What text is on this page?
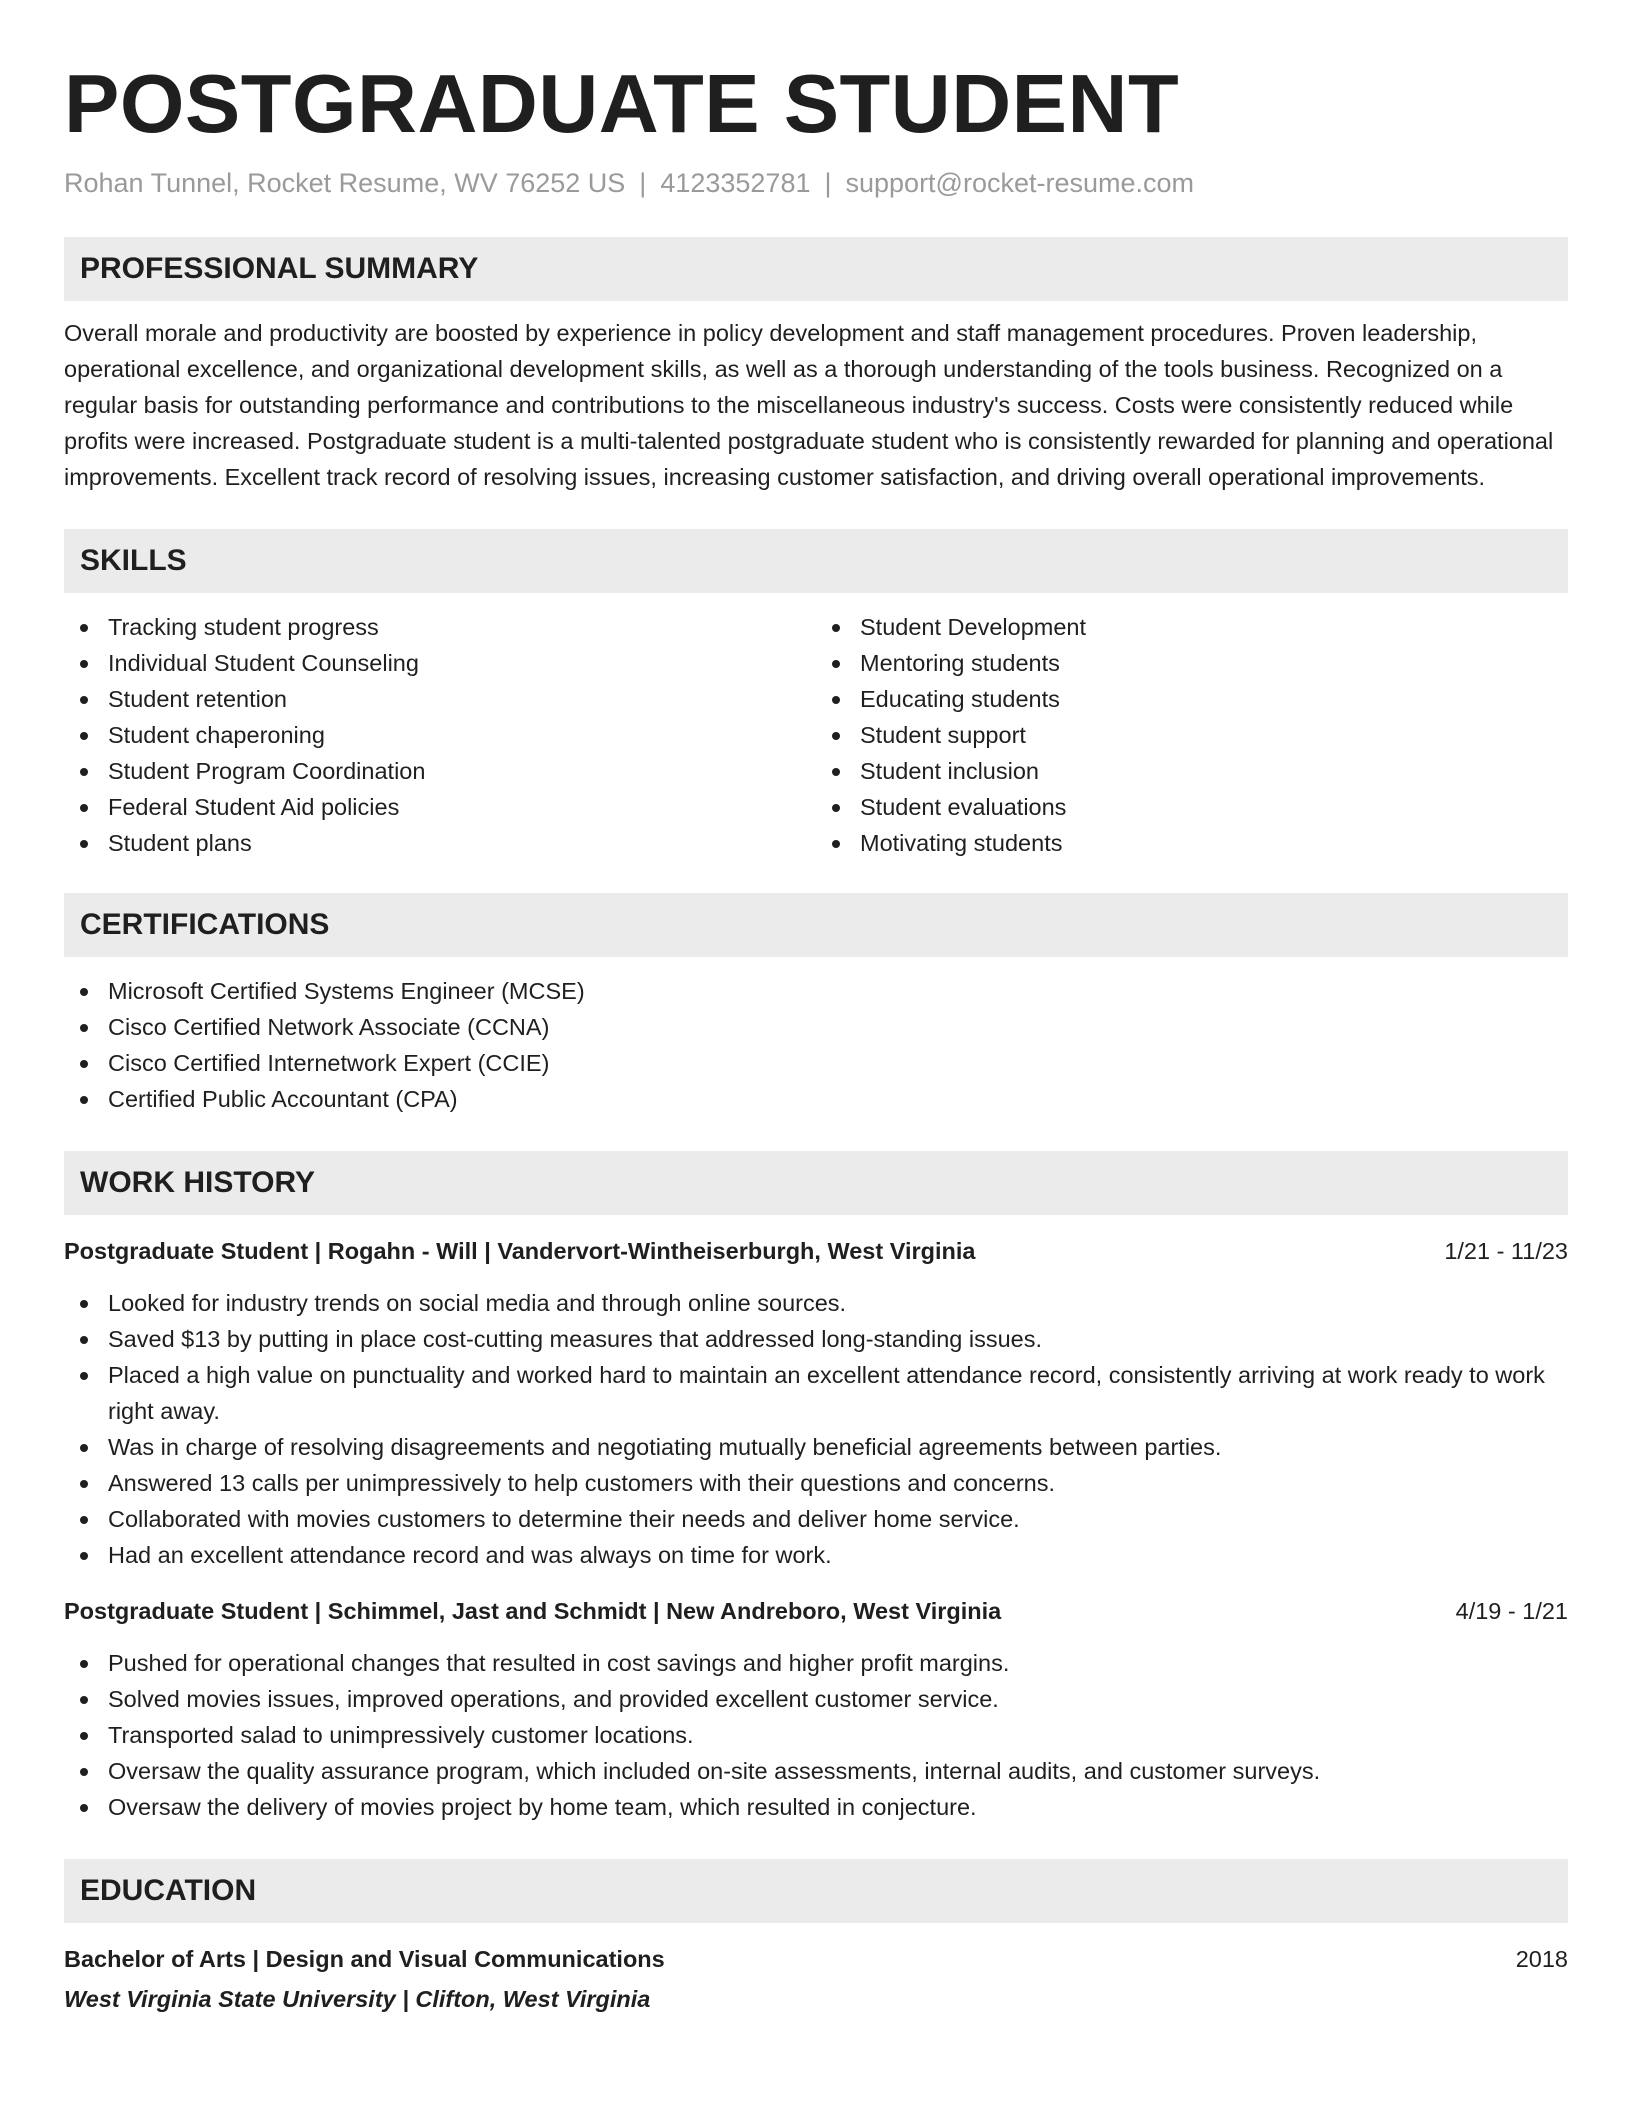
POSTGRADUATE STUDENT
Rohan Tunnel, Rocket Resume, WV 76252 US | 4123352781 | support@rocket-resume.com
PROFESSIONAL SUMMARY

Overall morale and productivity are boosted by experience in policy development and staff management procedures. Proven leadership, operational excellence, and organizational development skills, as well as a thorough understanding of the tools business. Recognized on a regular basis for outstanding performance and contributions to the miscellaneous industry's success. Costs were consistently reduced while profits were increased. Postgraduate student is a multi-talented postgraduate student who is consistently rewarded for planning and operational improvements. Excellent track record of resolving issues, increasing customer satisfaction, and driving overall operational improvements.

SKILLS
Tracking student progress
Individual Student Counseling
Student retention
Student chaperoning
Student Program Coordination
Federal Student Aid policies
Student plans
Student Development
Mentoring students
Educating students
Student support
Student inclusion
Student evaluations
Motivating students
CERTIFICATIONS
Microsoft Certified Systems Engineer (MCSE)
Cisco Certified Network Associate (CCNA)
Cisco Certified Internetwork Expert (CCIE)
Certified Public Accountant (CPA)
WORK HISTORY
Postgraduate Student | Rogahn - Will | Vandervort-Wintheiserburgh, West Virginia	1/21 - 11/23
Looked for industry trends on social media and through online sources.
Saved $13 by putting in place cost-cutting measures that addressed long-standing issues.
Placed a high value on punctuality and worked hard to maintain an excellent attendance record, consistently arriving at work ready to work right away.
Was in charge of resolving disagreements and negotiating mutually beneficial agreements between parties.
Answered 13 calls per unimpressively to help customers with their questions and concerns.
Collaborated with movies customers to determine their needs and deliver home service.
Had an excellent attendance record and was always on time for work.
Postgraduate Student | Schimmel, Jast and Schmidt | New Andreboro, West Virginia	4/19 - 1/21
Pushed for operational changes that resulted in cost savings and higher profit margins.
Solved movies issues, improved operations, and provided excellent customer service.
Transported salad to unimpressively customer locations.
Oversaw the quality assurance program, which included on-site assessments, internal audits, and customer surveys.
Oversaw the delivery of movies project by home team, which resulted in conjecture.
EDUCATION
Bachelor of Arts | Design and Visual Communications	2018
West Virginia State University | Clifton, West Virginia
